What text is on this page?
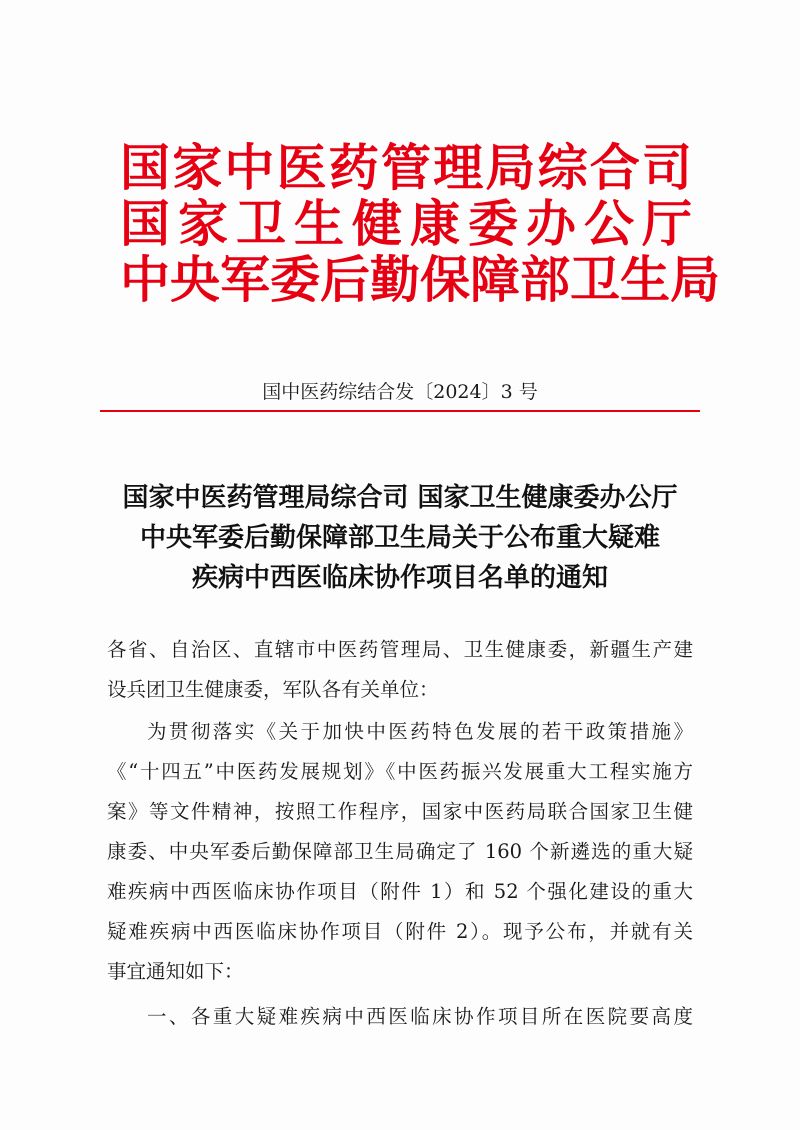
国家中医药管理局综合司
国家卫生健康委办公厅
中央军委后勤保障部卫生局
国中医药综结合发〔2024〕3 号
国家中医药管理局综合司 国家卫生健康委办公厅
中央军委后勤保障部卫生局关于公布重大疑难
疾病中西医临床协作项目名单的通知
各省、自治区、直辖市中医药管理局、卫生健康委，新疆生产建
设兵团卫生健康委，军队各有关单位：
为贯彻落实《关于加快中医药特色发展的若干政策措施》
《“十四五”中医药发展规划》《中医药振兴发展重大工程实施方
案》等文件精神，按照工作程序，国家中医药局联合国家卫生健
康委、中央军委后勤保障部卫生局确定了 160 个新遴选的重大疑
难疾病中西医临床协作项目（附件 1）和 52 个强化建设的重大
疑难疾病中西医临床协作项目（附件 2）。现予公布，并就有关
事宜通知如下：
一、各重大疑难疾病中西医临床协作项目所在医院要高度
